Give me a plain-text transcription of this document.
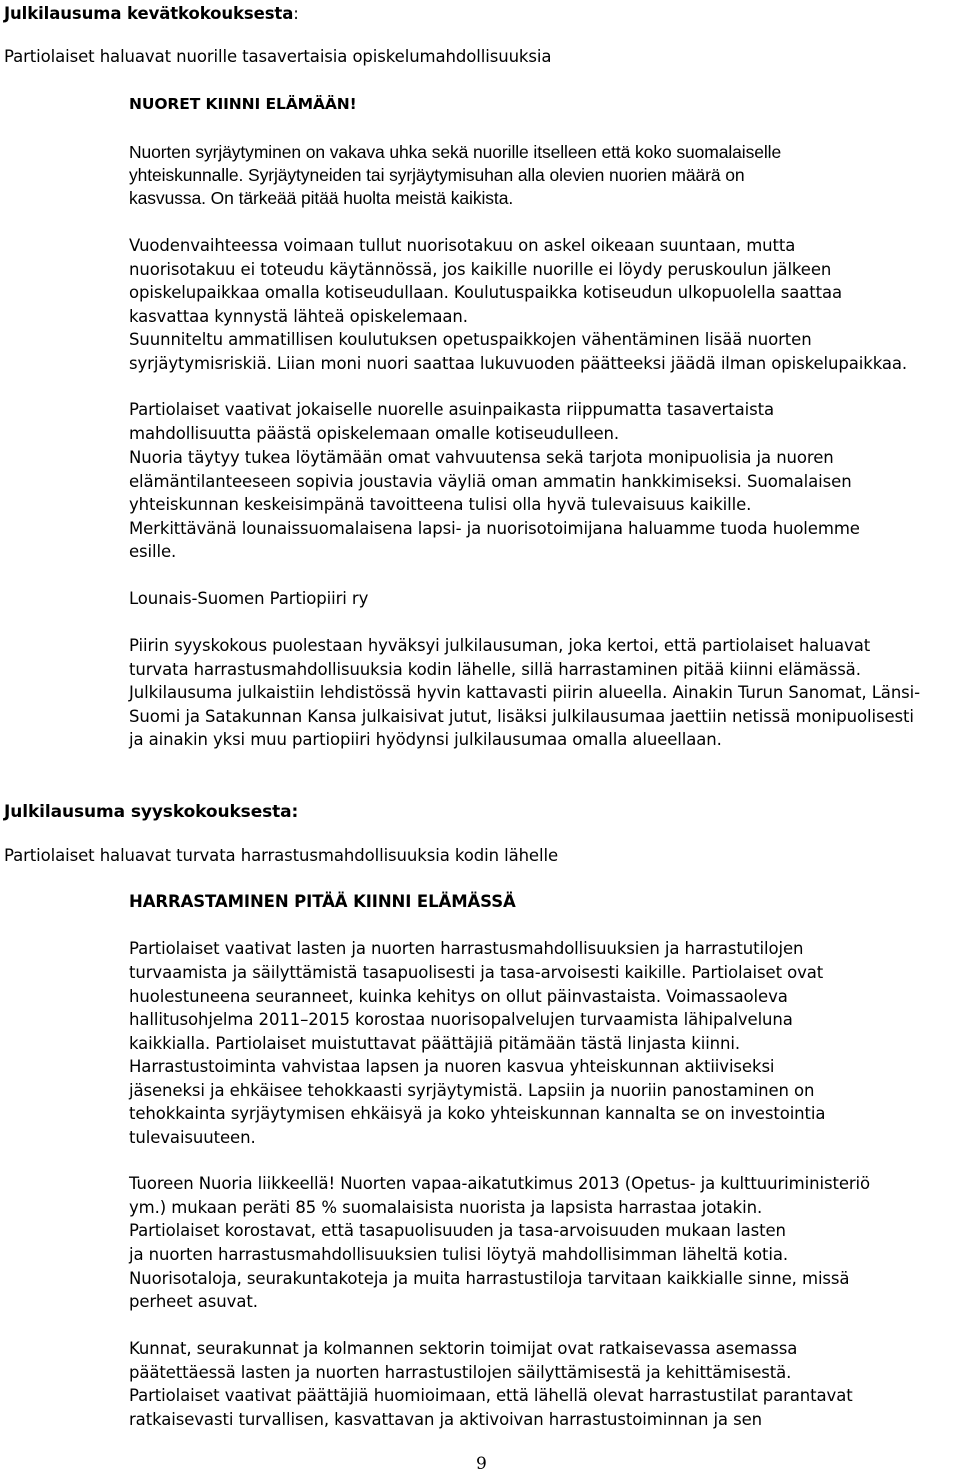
Julkilausuma kevätkokouksesta:
Partiolaiset haluavat nuorille tasavertaisia opiskelumahdollisuuksia
NUORET KIINNI ELÄMÄÄN!
Nuorten syrjäytyminen on vakava uhka sekä nuorille itselleen että koko suomalaiselle
yhteiskunnalle. Syrjäytyneiden tai syrjäytymisuhan alla olevien nuorien määrä on
kasvussa. On tärkeää pitää huolta meistä kaikista.
Vuodenvaihteessa voimaan tullut nuorisotakuu on askel oikeaan suuntaan, mutta
nuorisotakuu ei toteudu käytännössä, jos kaikille nuorille ei löydy peruskoulun jälkeen
opiskelupaikkaa omalla kotiseudullaan. Koulutuspaikka kotiseudun ulkopuolella saattaa
kasvattaa kynnystä lähteä opiskelemaan.
Suunniteltu ammatillisen koulutuksen opetuspaikkojen vähentäminen lisää nuorten
syrjäytymisriskiä. Liian moni nuori saattaa lukuvuoden päätteeksi jäädä ilman opiskelupaikkaa.
Partiolaiset vaativat jokaiselle nuorelle asuinpaikasta riippumatta tasavertaista
mahdollisuutta päästä opiskelemaan omalle kotiseudulleen.
Nuoria täytyy tukea löytämään omat vahvuutensa sekä tarjota monipuolisia ja nuoren
elämäntilanteeseen sopivia joustavia väyliä oman ammatin hankkimiseksi. Suomalaisen
yhteiskunnan keskeisimpänä tavoitteena tulisi olla hyvä tulevaisuus kaikille.
Merkittävänä lounaissuomalaisena lapsi- ja nuorisotoimijana haluamme tuoda huolemme
esille.
Lounais-Suomen Partiopiiri ry
Piirin syyskokous puolestaan hyväksyi julkilausuman, joka kertoi, että partiolaiset haluavat
turvata harrastusmahdollisuuksia kodin lähelle, sillä harrastaminen pitää kiinni elämässä.
Julkilausuma julkaistiin lehdistössä hyvin kattavasti piirin alueella. Ainakin Turun Sanomat, Länsi-
Suomi ja Satakunnan Kansa julkaisivat jutut, lisäksi julkilausumaa jaettiin netissä monipuolisesti
ja ainakin yksi muu partiopiiri hyödynsi julkilausumaa omalla alueellaan.
Julkilausuma syyskokouksesta:
Partiolaiset haluavat turvata harrastusmahdollisuuksia kodin lähelle
HARRASTAMINEN PITÄÄ KIINNI ELÄMÄSSÄ
Partiolaiset vaativat lasten ja nuorten harrastusmahdollisuuksien ja harrastutilojen
turvaamista ja säilyttämistä tasapuolisesti ja tasa-arvoisesti kaikille. Partiolaiset ovat
huolestuneena seuranneet, kuinka kehitys on ollut päinvastaista. Voimassaoleva
hallitusohjelma 2011–2015 korostaa nuorisopalvelujen turvaamista lähipalveluna
kaikkialla. Partiolaiset muistuttavat päättäjiä pitämään tästä linjasta kiinni.
Harrastustoiminta vahvistaa lapsen ja nuoren kasvua yhteiskunnan aktiiviseksi
jäseneksi ja ehkäisee tehokkaasti syrjäytymistä. Lapsiin ja nuoriin panostaminen on
tehokkainta syrjäytymisen ehkäisyä ja koko yhteiskunnan kannalta se on investointia
tulevaisuuteen.
Tuoreen Nuoria liikkeellä! Nuorten vapaa-aikatutkimus 2013 (Opetus- ja kulttuuriministeriö
ym.) mukaan peräti 85 % suomalaisista nuorista ja lapsista harrastaa jotakin.
Partiolaiset korostavat, että tasapuolisuuden ja tasa-arvoisuuden mukaan lasten
ja nuorten harrastusmahdollisuuksien tulisi löytyä mahdollisimman läheltä kotia.
Nuorisotaloja, seurakuntakoteja ja muita harrastustiloja tarvitaan kaikkialle sinne, missä
perheet asuvat.
Kunnat, seurakunnat ja kolmannen sektorin toimijat ovat ratkaisevassa asemassa
päätettäessä lasten ja nuorten harrastustilojen säilyttämisestä ja kehittämisestä.
Partiolaiset vaativat päättäjiä huomioimaan, että lähellä olevat harrastustilat parantavat
ratkaisevasti turvallisen, kasvattavan ja aktivoivan harrastustoiminnan ja sen
9
